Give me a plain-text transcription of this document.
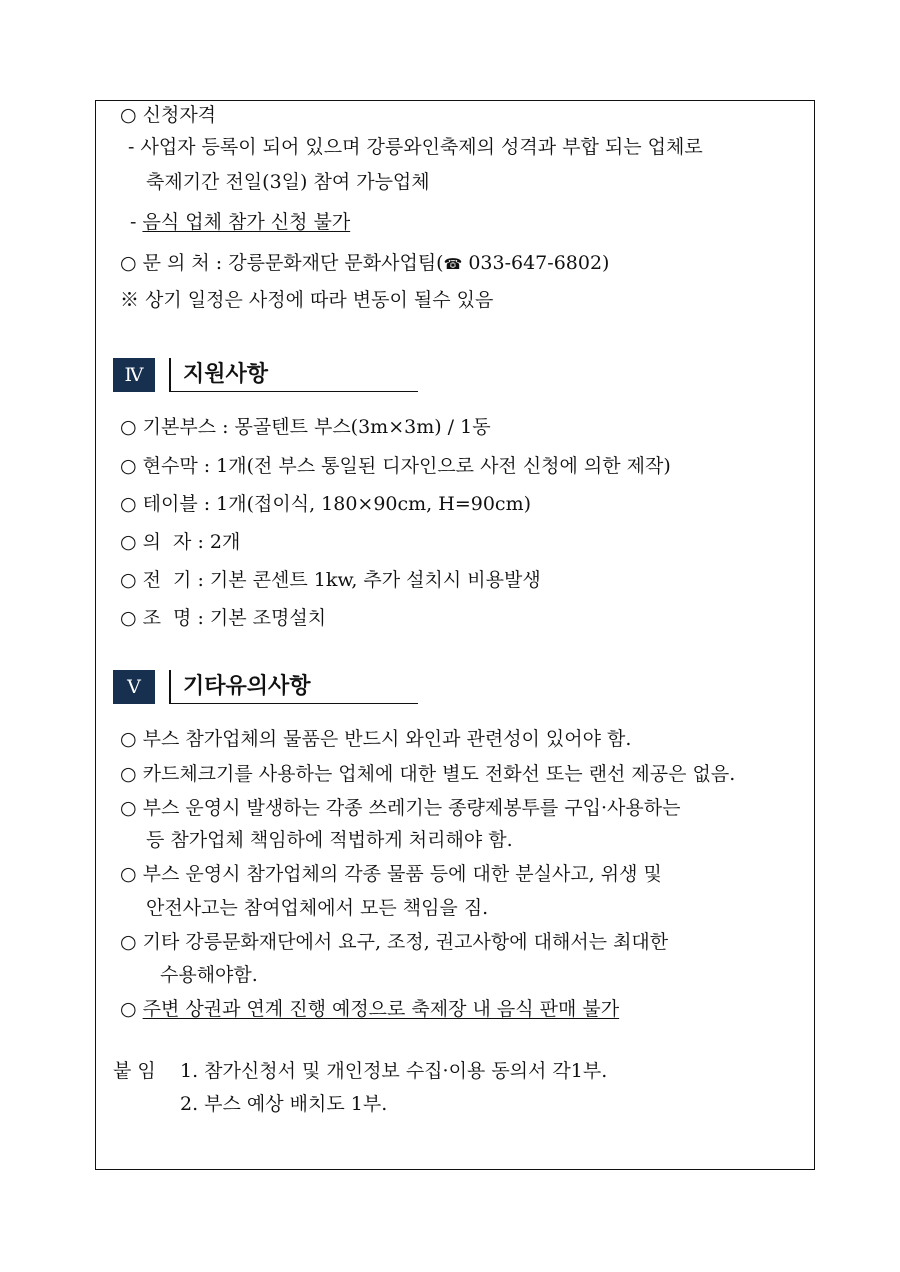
○ 신청자격
- 사업자 등록이 되어 있으며 강릉와인축제의 성격과 부합 되는 업체로
축제기간 전일(3일) 참여 가능업체
- 음식 업체 참가 신청 불가
○ 문 의 처 : 강릉문화재단 문화사업팀(☎ 033-647-6802)
※ 상기 일정은 사정에 따라 변동이 될수 있음
Ⅳ	지원사항
○ 기본부스 : 몽골텐트 부스(3m×3m) / 1동
○ 현수막 : 1개(전 부스 통일된 디자인으로 사전 신청에 의한 제작)
○ 테이블 : 1개(접이식, 180×90cm, H=90cm)
○ 의  자 : 2개
○ 전  기 : 기본 콘센트 1kw, 추가 설치시 비용발생
○ 조  명 : 기본 조명설치
Ⅴ	기타유의사항
○ 부스 참가업체의 물품은 반드시 와인과 관련성이 있어야 함.
○ 카드체크기를 사용하는 업체에 대한 별도 전화선 또는 랜선 제공은 없음.
○ 부스 운영시 발생하는 각종 쓰레기는 종량제봉투를 구입·사용하는
등 참가업체 책임하에 적법하게 처리해야 함.
○ 부스 운영시 참가업체의 각종 물품 등에 대한 분실사고, 위생 및
안전사고는 참여업체에서 모든 책임을 짐.
○ 기타 강릉문화재단에서 요구, 조정, 권고사항에 대해서는 최대한
수용해야함.
○ 주변 상권과 연계 진행 예정으로 축제장 내 음식 판매 불가
붙 임 1. 참가신청서 및 개인정보 수집·이용 동의서 각1부.
2. 부스 예상 배치도 1부.
